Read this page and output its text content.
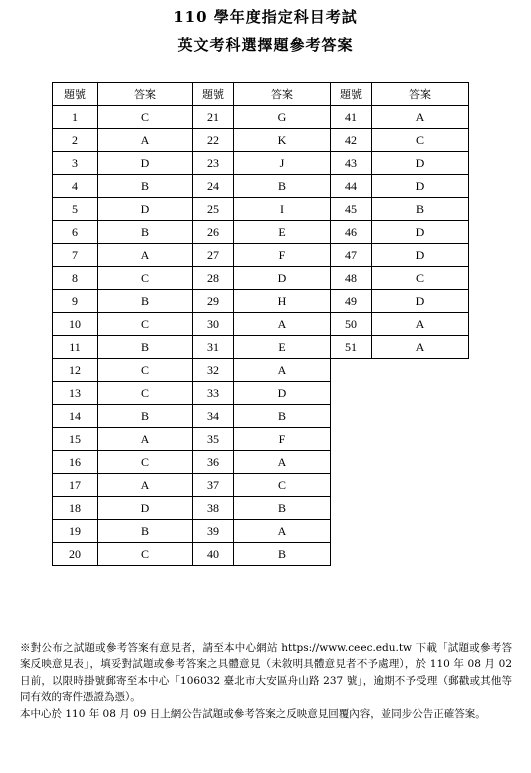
110 學年度指定科目考試
英文考科選擇題參考答案
題號	答案	題號	答案	題號	答案
1	C	21	G	41	A
2	A	22	K	42	C
3	D	23	J	43	D
4	B	24	B	44	D
5	D	25	I	45	B
6	B	26	E	46	D
7	A	27	F	47	D
8	C	28	D	48	C
9	B	29	H	49	D
10	C	30	A	50	A
11	B	31	E	51	A
12	C	32	A		
13	C	33	D		
14	B	34	B		
15	A	35	F		
16	C	36	A		
17	A	37	C		
18	D	38	B		
19	B	39	A		
20	C	40	B		

※對公布之試題或參考答案有意見者，請至本中心網站 https://www.ceec.edu.tw 下載「試題或參考答案反映意見表」，填妥對試題或參考答案之具體意見（未敘明具體意見者不予處理），於 110 年 08 月 02 日前，以限時掛號郵寄至本中心「106032 臺北市大安區舟山路 237 號」，逾期不予受理（郵戳或其他等同有效的寄件憑證為憑）。

本中心於 110 年 08 月 09 日上網公告試題或參考答案之反映意見回覆內容，並同步公告正確答案。
